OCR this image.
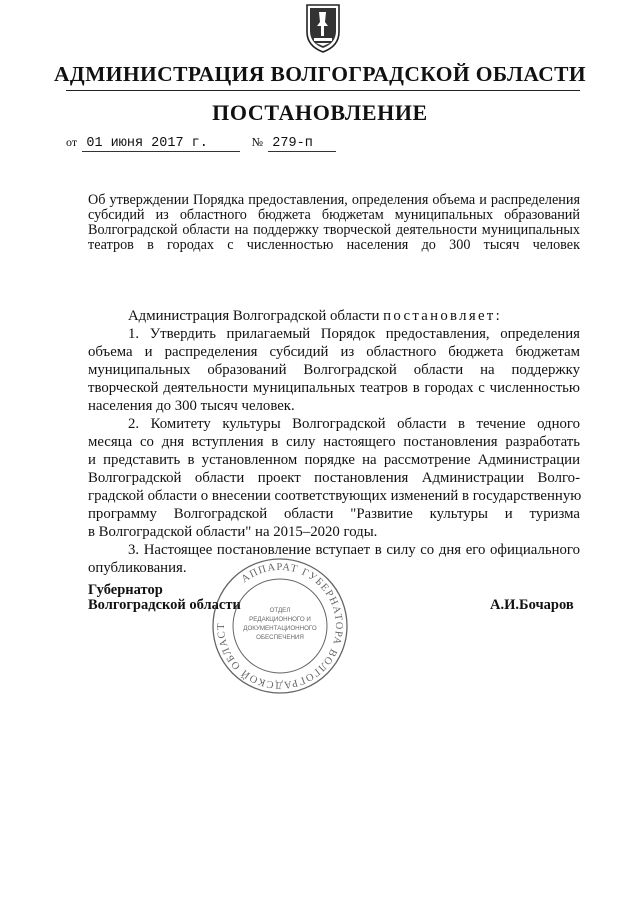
АДМИНИСТРАЦИЯ ВОЛГОГРАДСКОЙ ОБЛАСТИ
ПОСТАНОВЛЕНИЕ
от 01 июня 2017 г.	№ 279-п
Об утверждении Порядка предоставления, определения объема и распределения
субсидий из областного бюджета бюджетам муниципальных образований
Волгоградской области на поддержку творческой деятельности муниципальных
театров в городах с численностью населения до 300 тысяч человек
Администрация Волгоградской области постановляет:
1. Утвердить прилагаемый Порядок предоставления, определения
объема и распределения субсидий из областного бюджета бюджетам
муниципальных образований Волгоградской области на поддержку
творческой деятельности муниципальных театров в городах с численностью
населения до 300 тысяч человек.
2. Комитету культуры Волгоградской области в течение одного
месяца со дня вступления в силу настоящего постановления разработать
и представить в установленном порядке на рассмотрение Администрации
Волгоградской области проект постановления Администрации Волго-
градской области о внесении соответствующих изменений в государственную
программу Волгоградской области "Развитие культуры и туризма
в Волгоградской области" на 2015–2020 годы.
3. Настоящее постановление вступает в силу со дня его официального
опубликования.
Губернатор
Волгоградской области	А.И.Бочаров
АППАРАТ ГУБЕРНАТОРА ВОЛГОГРАДСКОЙ ОБЛАСТ
ОТДЕЛ
РЕДАКЦИОННОГО И
ДОКУМЕНТАЦИОННОГО
ОБЕСПЕЧЕНИЯ
